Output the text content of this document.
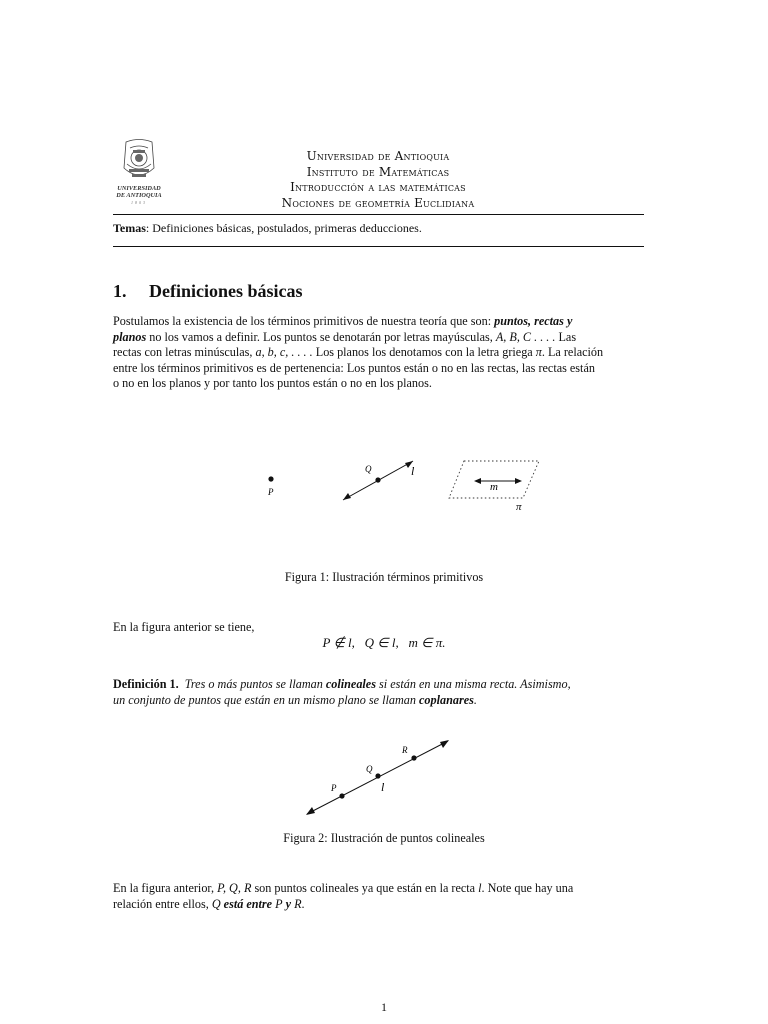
UNIVERSIDAD
DE ANTIOQUIA
1803
Universidad de Antioquia
Instituto de Matemáticas
Introducción a las matemáticas
Nociones de geometría Euclidiana
Temas: Definiciones básicas, postulados, primeras deducciones.
1. Definiciones básicas
Postulamos la existencia de los términos primitivos de nuestra teoría que son: puntos, rectas y
planos no los vamos a definir. Los puntos se denotarán por letras mayúsculas, A, B, C . . . . Las
rectas con letras minúsculas, a, b, c, . . . . Los planos los denotamos con la letra griega π. La relación
entre los términos primitivos es de pertenencia: Los puntos están o no en las rectas, las rectas están
o no en los planos y por tanto los puntos están o no en los planos.
P
Q	l
m
π
Figura 1: Ilustración términos primitivos
En la figura anterior se tiene,
P ∉ l,   Q ∈ l,   m ∈ π.
Definición 1. Tres o más puntos se llaman colineales si están en una misma recta. Asimismo,
un conjunto de puntos que están en un mismo plano se llaman coplanares.
P
Q
R
l
Figura 2: Ilustración de puntos colineales
En la figura anterior, P, Q, R son puntos colineales ya que están en la recta l. Note que hay una
relación entre ellos, Q está entre P y R.
1
